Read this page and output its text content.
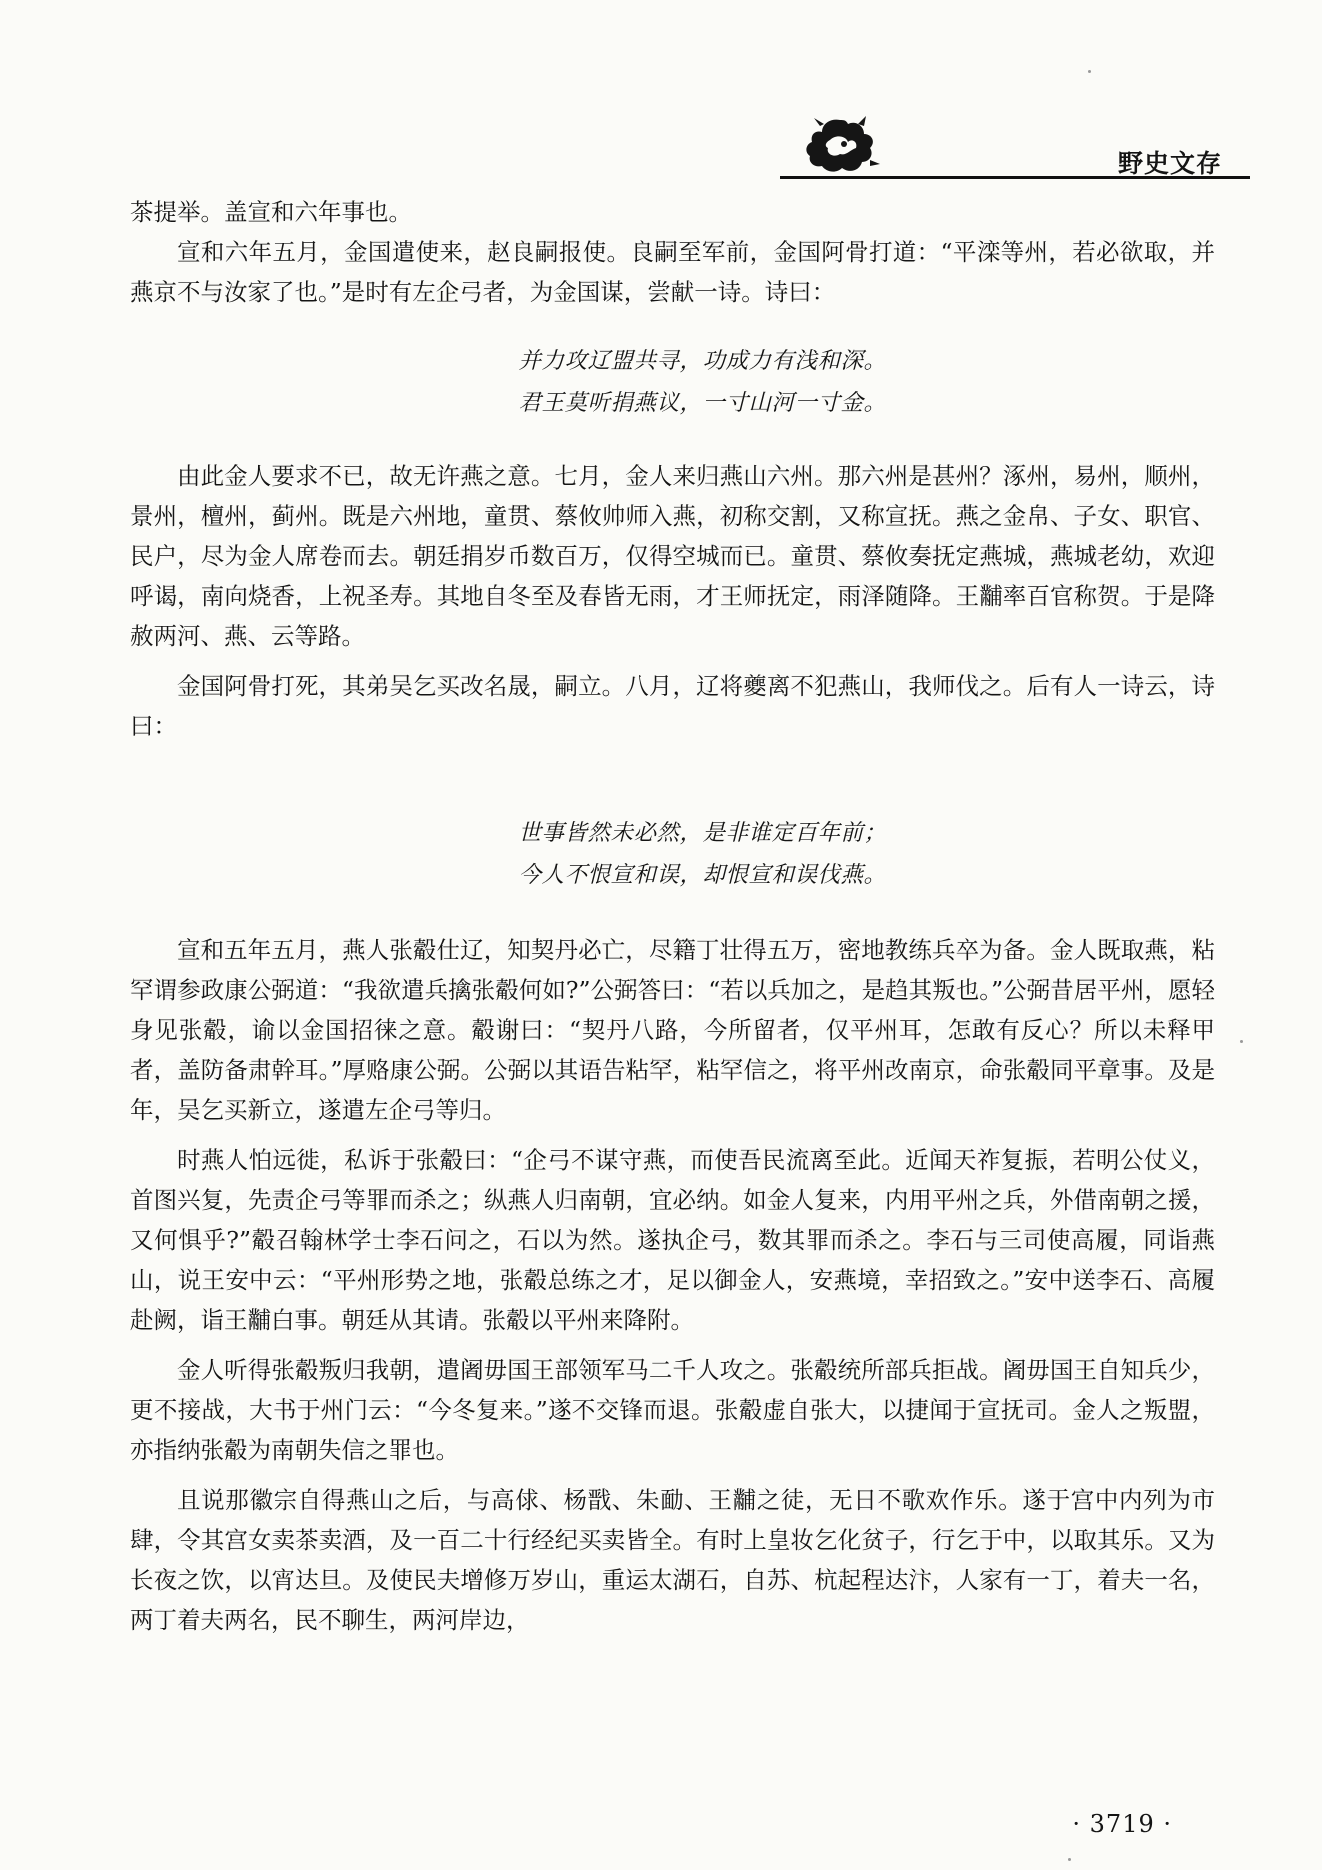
野史文存

茶提举。盖宣和六年事也。

宣和六年五月，金国遣使来，赵良嗣报使。良嗣至军前，金国阿骨打道：“平滦等州，若必欲取，并燕京不与汝家了也。”是时有左企弓者，为金国谋，尝献一诗。诗曰：

并力攻辽盟共寻，功成力有浅和深。
君王莫听捐燕议，一寸山河一寸金。

由此金人要求不已，故无许燕之意。七月，金人来归燕山六州。那六州是甚州？涿州，易州，顺州，景州，檀州，蓟州。既是六州地，童贯、蔡攸帅师入燕，初称交割，又称宣抚。燕之金帛、子女、职官、民户，尽为金人席卷而去。朝廷捐岁币数百万，仅得空城而已。童贯、蔡攸奏抚定燕城，燕城老幼，欢迎呼谒，南向烧香，上祝圣寿。其地自冬至及春皆无雨，才王师抚定，雨泽随降。王黼率百官称贺。于是降赦两河、燕、云等路。

金国阿骨打死，其弟吴乞买改名晟，嗣立。八月，辽将夔离不犯燕山，我师伐之。后有人一诗云，诗曰：

世事皆然未必然，是非谁定百年前；
今人不恨宣和误，却恨宣和误伐燕。

宣和五年五月，燕人张觳仕辽，知契丹必亡，尽籍丁壮得五万，密地教练兵卒为备。金人既取燕，粘罕谓参政康公弼道：“我欲遣兵擒张觳何如?”公弼答曰：“若以兵加之，是趋其叛也。”公弼昔居平州，愿轻身见张觳，谕以金国招徕之意。觳谢曰：“契丹八路，今所留者，仅平州耳，怎敢有反心？所以未释甲者，盖防备肃幹耳。”厚赂康公弼。公弼以其语告粘罕，粘罕信之，将平州改南京，命张觳同平章事。及是年，吴乞买新立，遂遣左企弓等归。

时燕人怕远徙，私诉于张觳曰：“企弓不谋守燕，而使吾民流离至此。近闻天祚复振，若明公仗义，首图兴复，先责企弓等罪而杀之；纵燕人归南朝，宜必纳。如金人复来，内用平州之兵，外借南朝之援，又何惧乎?”觳召翰林学士李石问之，石以为然。遂执企弓，数其罪而杀之。李石与三司使高履，同诣燕山，说王安中云：“平州形势之地，张觳总练之才，足以御金人，安燕境，幸招致之。”安中送李石、高履赴阙，诣王黼白事。朝廷从其请。张觳以平州来降附。

金人听得张觳叛归我朝，遣阇毋国王部领军马二千人攻之。张觳统所部兵拒战。阇毋国王自知兵少，更不接战，大书于州门云：“今冬复来。”遂不交锋而退。张觳虚自张大，以捷闻于宣抚司。金人之叛盟，亦指纳张觳为南朝失信之罪也。

且说那徽宗自得燕山之后，与高俅、杨戬、朱勔、王黼之徒，无日不歌欢作乐。遂于宫中内列为市肆，令其宫女卖茶卖酒，及一百二十行经纪买卖皆全。有时上皇妆乞化贫子，行乞于中，以取其乐。又为长夜之饮，以宵达旦。及使民夫增修万岁山，重运太湖石，自苏、杭起程达汴，人家有一丁，着夫一名，两丁着夫两名，民不聊生，两河岸边，

· 3719 ·
